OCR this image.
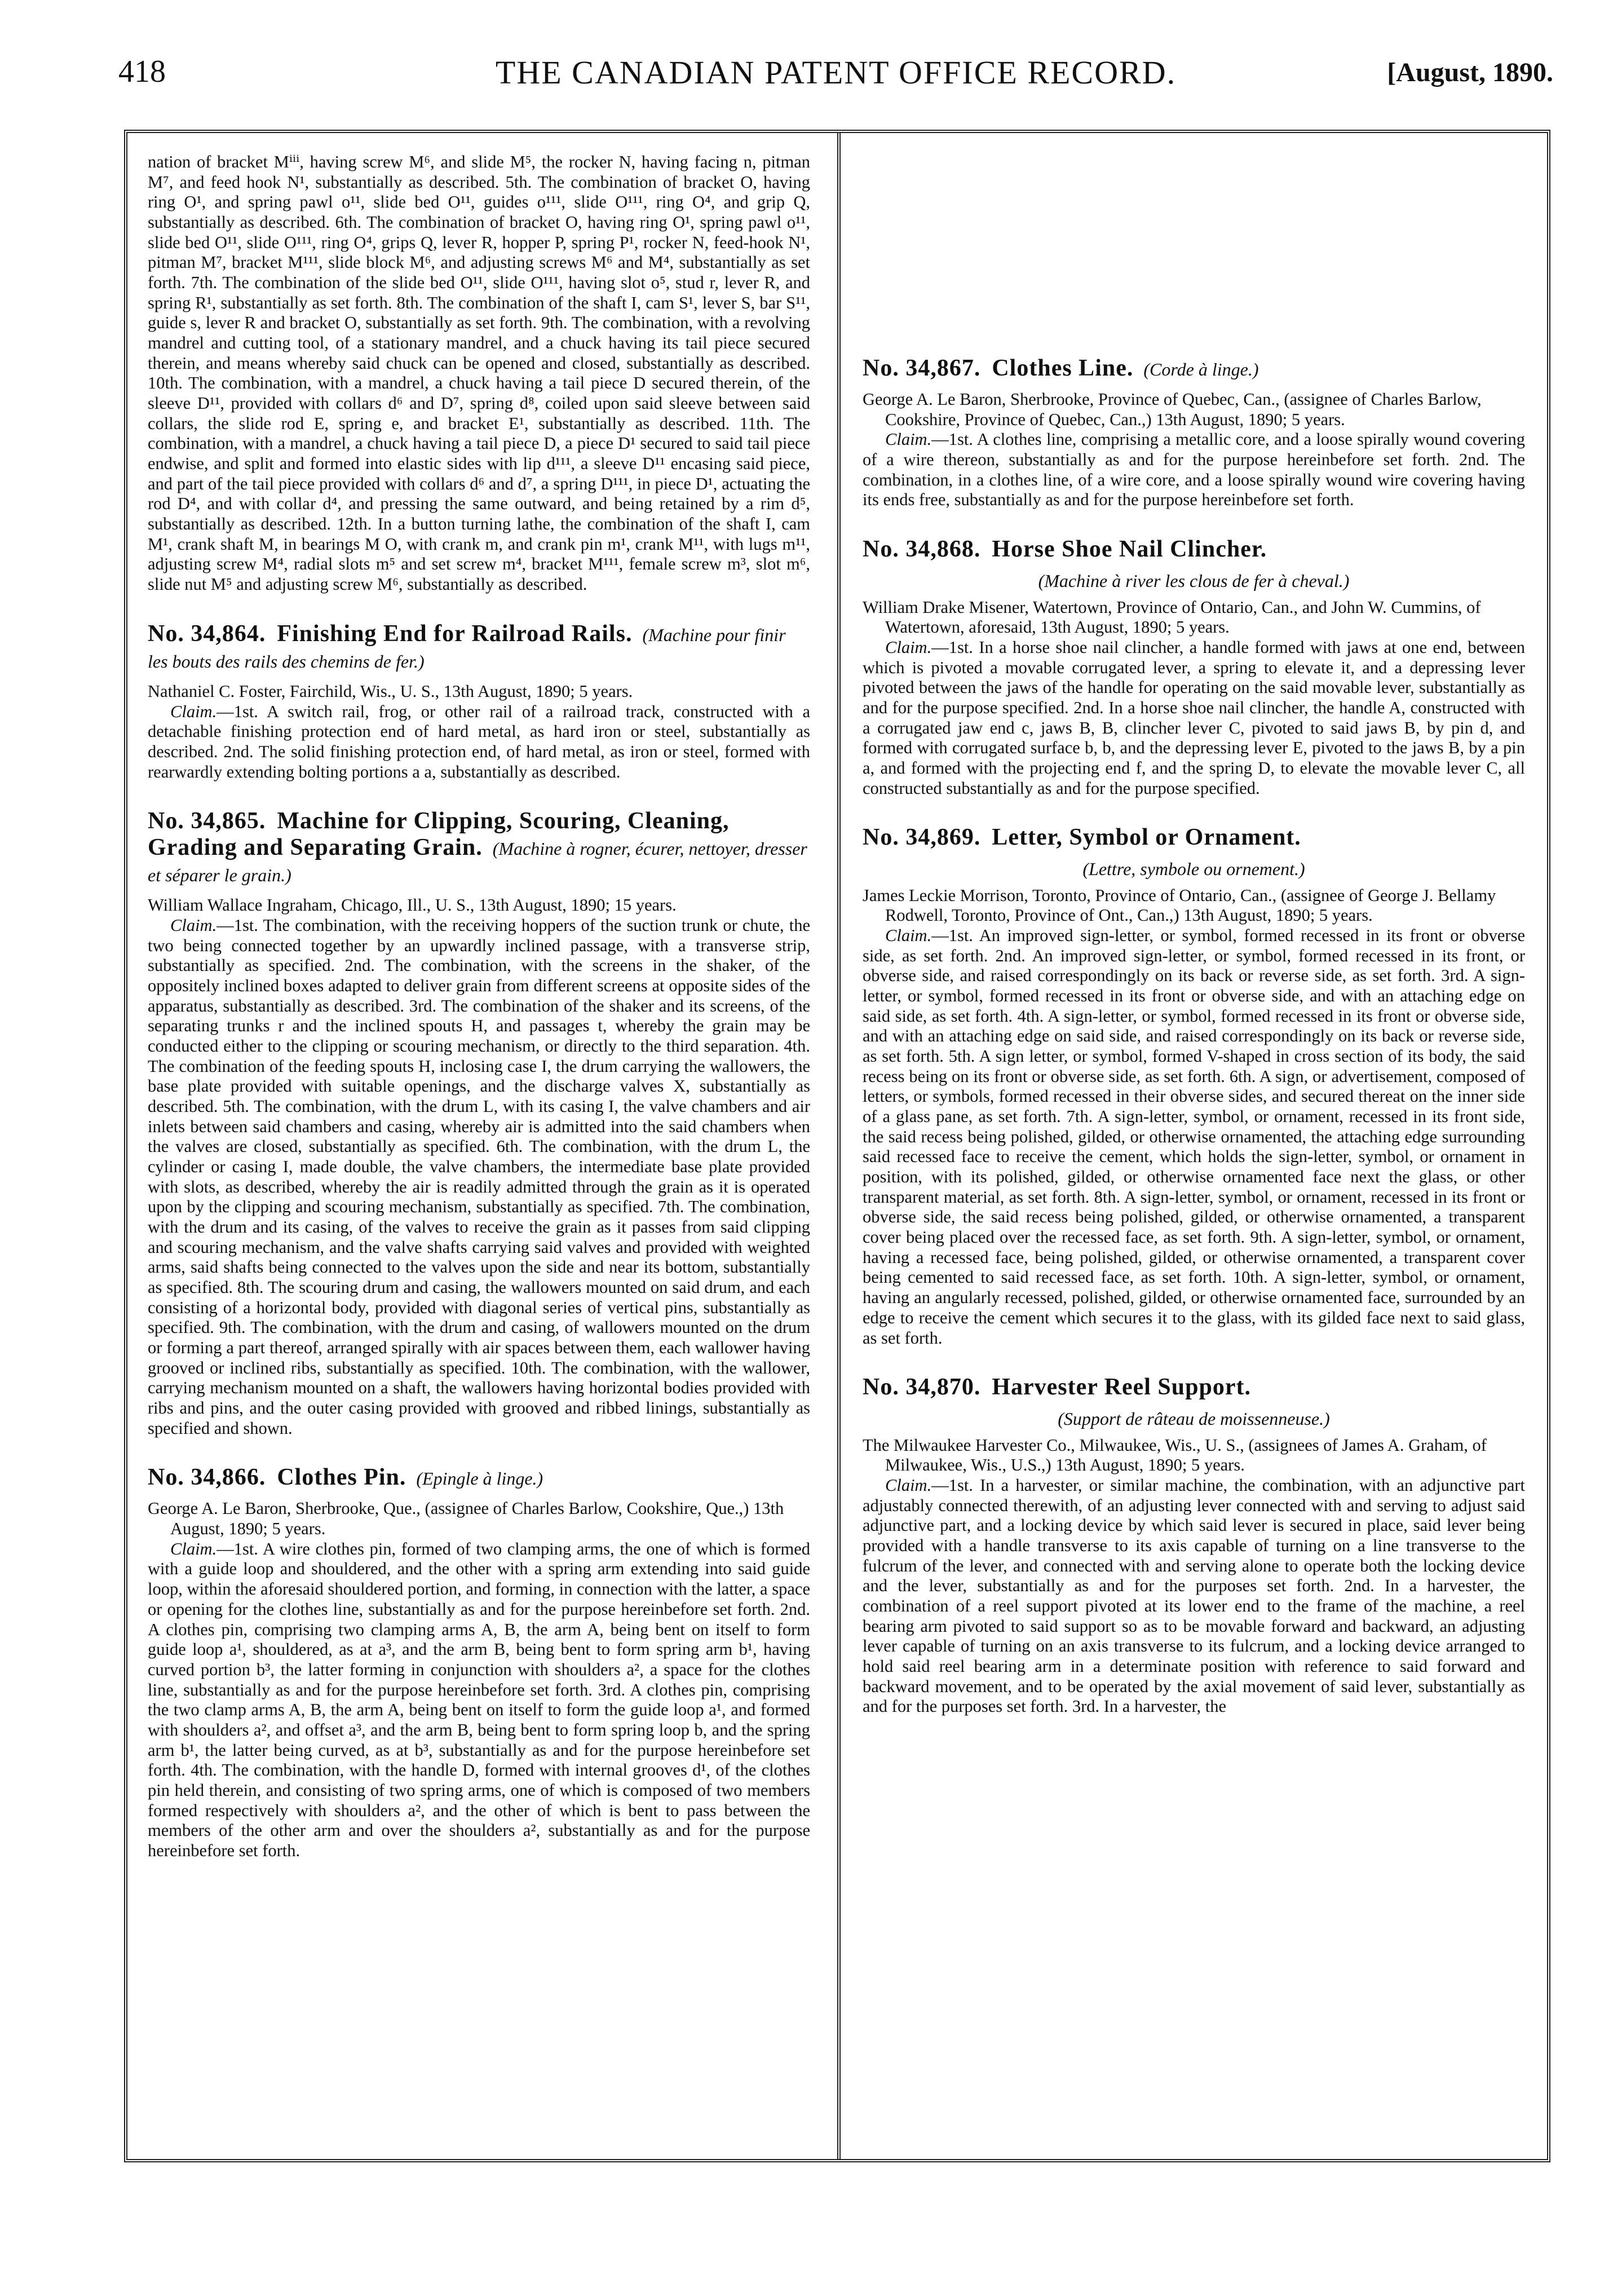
418	THE CANADIAN PATENT OFFICE RECORD.	[August, 1890.

nation of bracket Mⁱⁱⁱ, having screw M⁶, and slide M⁵, the rocker N, having facing n, pitman M⁷, and feed hook N¹, substantially as described. 5th. The combination of bracket O, having ring O¹, and spring pawl o¹¹, slide bed O¹¹, guides o¹¹¹, slide O¹¹¹, ring O⁴, and grip Q, substantially as described. 6th. The combination of bracket O, having ring O¹, spring pawl o¹¹, slide bed O¹¹, slide O¹¹¹, ring O⁴, grips Q, lever R, hopper P, spring P¹, rocker N, feed-hook N¹, pitman M⁷, bracket M¹¹¹, slide block M⁶, and adjusting screws M⁶ and M⁴, substantially as set forth. 7th. The combination of the slide bed O¹¹, slide O¹¹¹, having slot o⁵, stud r, lever R, and spring R¹, substantially as set forth. 8th. The combination of the shaft I, cam S¹, lever S, bar S¹¹, guide s, lever R and bracket O, substantially as set forth. 9th. The combination, with a revolving mandrel and cutting tool, of a stationary mandrel, and a chuck having its tail piece secured therein, and means whereby said chuck can be opened and closed, substantially as described. 10th. The combination, with a mandrel, a chuck having a tail piece D secured therein, of the sleeve D¹¹, provided with collars d⁶ and D⁷, spring d⁸, coiled upon said sleeve between said collars, the slide rod E, spring e, and bracket E¹, substantially as described. 11th. The combination, with a mandrel, a chuck having a tail piece D, a piece D¹ secured to said tail piece endwise, and split and formed into elastic sides with lip d¹¹¹, a sleeve D¹¹ encasing said piece, and part of the tail piece provided with collars d⁶ and d⁷, a spring D¹¹¹, in piece D¹, actuating the rod D⁴, and with collar d⁴, and pressing the same outward, and being retained by a rim d⁵, substantially as described. 12th. In a button turning lathe, the combination of the shaft I, cam M¹, crank shaft M, in bearings M O, with crank m, and crank pin m¹, crank M¹¹, with lugs m¹¹, adjusting screw M⁴, radial slots m⁵ and set screw m⁴, bracket M¹¹¹, female screw m³, slot m⁶, slide nut M⁵ and adjusting screw M⁶, substantially as described.

No. 34,864. Finishing End for Railroad Rails. (Machine pour finir les bouts des rails des chemins de fer.)

Nathaniel C. Foster, Fairchild, Wis., U. S., 13th August, 1890; 5 years.

Claim.—1st. A switch rail, frog, or other rail of a railroad track, constructed with a detachable finishing protection end of hard metal, as hard iron or steel, substantially as described. 2nd. The solid finishing protection end, of hard metal, as iron or steel, formed with rearwardly extending bolting portions a a, substantially as described.

No. 34,865. Machine for Clipping, Scouring, Cleaning, Grading and Separating Grain. (Machine à rogner, écurer, nettoyer, dresser et séparer le grain.)

William Wallace Ingraham, Chicago, Ill., U. S., 13th August, 1890; 15 years.

Claim.—1st. The combination, with the receiving hoppers of the suction trunk or chute, the two being connected together by an upwardly inclined passage, with a transverse strip, substantially as specified. 2nd. The combination, with the screens in the shaker, of the oppositely inclined boxes adapted to deliver grain from different screens at opposite sides of the apparatus, substantially as described. 3rd. The combination of the shaker and its screens, of the separating trunks r and the inclined spouts H, and passages t, whereby the grain may be conducted either to the clipping or scouring mechanism, or directly to the third separation. 4th. The combination of the feeding spouts H, inclosing case I, the drum carrying the wallowers, the base plate provided with suitable openings, and the discharge valves X, substantially as described. 5th. The combination, with the drum L, with its casing I, the valve chambers and air inlets between said chambers and casing, whereby air is admitted into the said chambers when the valves are closed, substantially as specified. 6th. The combination, with the drum L, the cylinder or casing I, made double, the valve chambers, the intermediate base plate provided with slots, as described, whereby the air is readily admitted through the grain as it is operated upon by the clipping and scouring mechanism, substantially as specified. 7th. The combination, with the drum and its casing, of the valves to receive the grain as it passes from said clipping and scouring mechanism, and the valve shafts carrying said valves and provided with weighted arms, said shafts being connected to the valves upon the side and near its bottom, substantially as specified. 8th. The scouring drum and casing, the wallowers mounted on said drum, and each consisting of a horizontal body, provided with diagonal series of vertical pins, substantially as specified. 9th. The combination, with the drum and casing, of wallowers mounted on the drum or forming a part thereof, arranged spirally with air spaces between them, each wallower having grooved or inclined ribs, substantially as specified. 10th. The combination, with the wallower, carrying mechanism mounted on a shaft, the wallowers having horizontal bodies provided with ribs and pins, and the outer casing provided with grooved and ribbed linings, substantially as specified and shown.

No. 34,866. Clothes Pin. (Epingle à linge.)

George A. Le Baron, Sherbrooke, Que., (assignee of Charles Barlow, Cookshire, Que.,) 13th August, 1890; 5 years.

Claim.—1st. A wire clothes pin, formed of two clamping arms, the one of which is formed with a guide loop and shouldered, and the other with a spring arm extending into said guide loop, within the aforesaid shouldered portion, and forming, in connection with the latter, a space or opening for the clothes line, substantially as and for the purpose hereinbefore set forth. 2nd. A clothes pin, comprising two clamping arms A, B, the arm A, being bent on itself to form guide loop a¹, shouldered, as at a³, and the arm B, being bent to form spring arm b¹, having curved portion b³, the latter forming in conjunction with shoulders a², a space for the clothes line, substantially as and for the purpose hereinbefore set forth. 3rd. A clothes pin, comprising the two clamp arms A, B, the arm A, being bent on itself to form the guide loop a¹, and formed with shoulders a², and offset a³, and the arm B, being bent to form spring loop b, and the spring arm b¹, the latter being curved, as at b³, substantially as and for the purpose hereinbefore set forth. 4th. The combination, with the handle D, formed with internal grooves d¹, of the clothes pin held therein, and consisting of two spring arms, one of which is composed of two members formed respectively with shoulders a², and the other of which is bent to pass between the members of the other arm and over the shoulders a², substantially as and for the purpose hereinbefore set forth.

No. 34,867. Clothes Line. (Corde à linge.)

George A. Le Baron, Sherbrooke, Province of Quebec, Can., (assignee of Charles Barlow, Cookshire, Province of Quebec, Can.,) 13th August, 1890; 5 years.

Claim.—1st. A clothes line, comprising a metallic core, and a loose spirally wound covering of a wire thereon, substantially as and for the purpose hereinbefore set forth. 2nd. The combination, in a clothes line, of a wire core, and a loose spirally wound wire covering having its ends free, substantially as and for the purpose hereinbefore set forth.

No. 34,868. Horse Shoe Nail Clincher.

(Machine à river les clous de fer à cheval.)

William Drake Misener, Watertown, Province of Ontario, Can., and John W. Cummins, of Watertown, aforesaid, 13th August, 1890; 5 years.

Claim.—1st. In a horse shoe nail clincher, a handle formed with jaws at one end, between which is pivoted a movable corrugated lever, a spring to elevate it, and a depressing lever pivoted between the jaws of the handle for operating on the said movable lever, substantially as and for the purpose specified. 2nd. In a horse shoe nail clincher, the handle A, constructed with a corrugated jaw end c, jaws B, B, clincher lever C, pivoted to said jaws B, by pin d, and formed with corrugated surface b, b, and the depressing lever E, pivoted to the jaws B, by a pin a, and formed with the projecting end f, and the spring D, to elevate the movable lever C, all constructed substantially as and for the purpose specified.

No. 34,869. Letter, Symbol or Ornament.

(Lettre, symbole ou ornement.)

James Leckie Morrison, Toronto, Province of Ontario, Can., (assignee of George J. Bellamy Rodwell, Toronto, Province of Ont., Can.,) 13th August, 1890; 5 years.

Claim.—1st. An improved sign-letter, or symbol, formed recessed in its front or obverse side, as set forth. 2nd. An improved sign-letter, or symbol, formed recessed in its front, or obverse side, and raised correspondingly on its back or reverse side, as set forth. 3rd. A sign-letter, or symbol, formed recessed in its front or obverse side, and with an attaching edge on said side, as set forth. 4th. A sign-letter, or symbol, formed recessed in its front or obverse side, and with an attaching edge on said side, and raised correspondingly on its back or reverse side, as set forth. 5th. A sign letter, or symbol, formed V-shaped in cross section of its body, the said recess being on its front or obverse side, as set forth. 6th. A sign, or advertisement, composed of letters, or symbols, formed recessed in their obverse sides, and secured thereat on the inner side of a glass pane, as set forth. 7th. A sign-letter, symbol, or ornament, recessed in its front side, the said recess being polished, gilded, or otherwise ornamented, the attaching edge surrounding said recessed face to receive the cement, which holds the sign-letter, symbol, or ornament in position, with its polished, gilded, or otherwise ornamented face next the glass, or other transparent material, as set forth. 8th. A sign-letter, symbol, or ornament, recessed in its front or obverse side, the said recess being polished, gilded, or otherwise ornamented, a transparent cover being placed over the recessed face, as set forth. 9th. A sign-letter, symbol, or ornament, having a recessed face, being polished, gilded, or otherwise ornamented, a transparent cover being cemented to said recessed face, as set forth. 10th. A sign-letter, symbol, or ornament, having an angularly recessed, polished, gilded, or otherwise ornamented face, surrounded by an edge to receive the cement which secures it to the glass, with its gilded face next to said glass, as set forth.

No. 34,870. Harvester Reel Support.

(Support de râteau de moissenneuse.)

The Milwaukee Harvester Co., Milwaukee, Wis., U. S., (assignees of James A. Graham, of Milwaukee, Wis., U.S.,) 13th August, 1890; 5 years.

Claim.—1st. In a harvester, or similar machine, the combination, with an adjunctive part adjustably connected therewith, of an adjusting lever connected with and serving to adjust said adjunctive part, and a locking device by which said lever is secured in place, said lever being provided with a handle transverse to its axis capable of turning on a line transverse to the fulcrum of the lever, and connected with and serving alone to operate both the locking device and the lever, substantially as and for the purposes set forth. 2nd. In a harvester, the combination of a reel support pivoted at its lower end to the frame of the machine, a reel bearing arm pivoted to said support so as to be movable forward and backward, an adjusting lever capable of turning on an axis transverse to its fulcrum, and a locking device arranged to hold said reel bearing arm in a determinate position with reference to said forward and backward movement, and to be operated by the axial movement of said lever, substantially as and for the purposes set forth. 3rd. In a harvester, the
